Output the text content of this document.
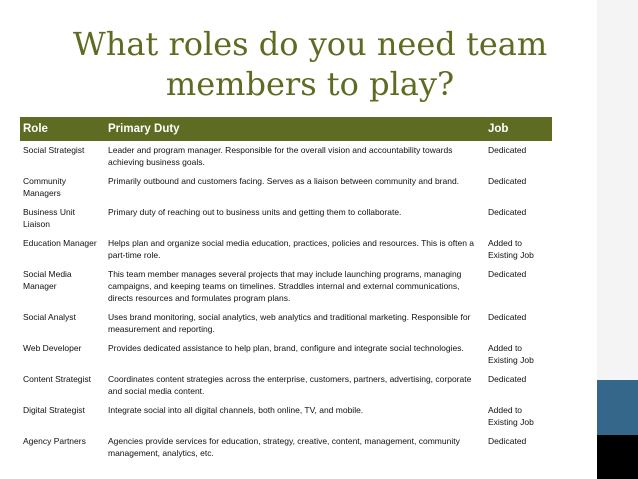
What roles do you need team members to play?
Role	Primary Duty	Job
Social Strategist	Leader and program manager. Responsible for the overall vision and accountability towards achieving business goals.	Dedicated
Community Managers	Primarily outbound and customers facing. Serves as a liaison between community and brand.	Dedicated
Business Unit Liaison	Primary duty of reaching out to business units and getting them to collaborate.	Dedicated
Education Manager	Helps plan and organize social media education, practices, policies and resources. This is often a part-time role.	Added to Existing Job
Social Media Manager	This team member manages several projects that may include launching programs, managing campaigns, and keeping teams on timelines. Straddles internal and external communications, directs resources and formulates program plans.	Dedicated
Social Analyst	Uses brand monitoring, social analytics, web analytics and traditional marketing. Responsible for measurement and reporting.	Dedicated
Web Developer	Provides dedicated assistance to help plan, brand, configure and integrate social technologies.	Added to Existing Job
Content Strategist	Coordinates content strategies across the enterprise, customers, partners, advertising, corporate and social media content.	Dedicated
Digital Strategist	Integrate social into all digital channels, both online, TV, and mobile.	Added to Existing Job
Agency Partners	Agencies provide services for education, strategy, creative, content, management, community management, analytics, etc.	Dedicated
